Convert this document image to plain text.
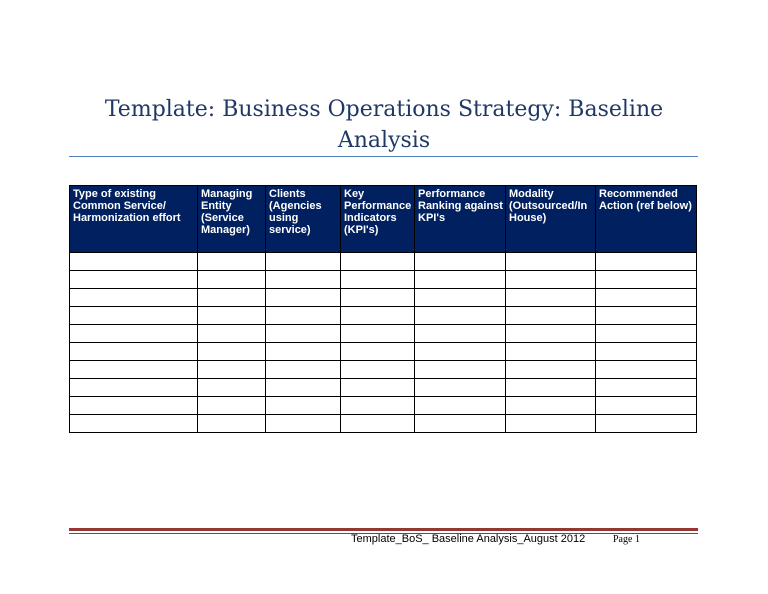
Template: Business Operations Strategy: Baseline Analysis
Type of existing Common Service/ Harmonization effort	Managing Entity (Service Manager)	Clients (Agencies using service)	Key Performance Indicators (KPI's)	Performance Ranking against KPI's	Modality (Outsourced/In House)	Recommended Action (ref below)

Template_BoS_ Baseline Analysis_August 2012	Page 1
